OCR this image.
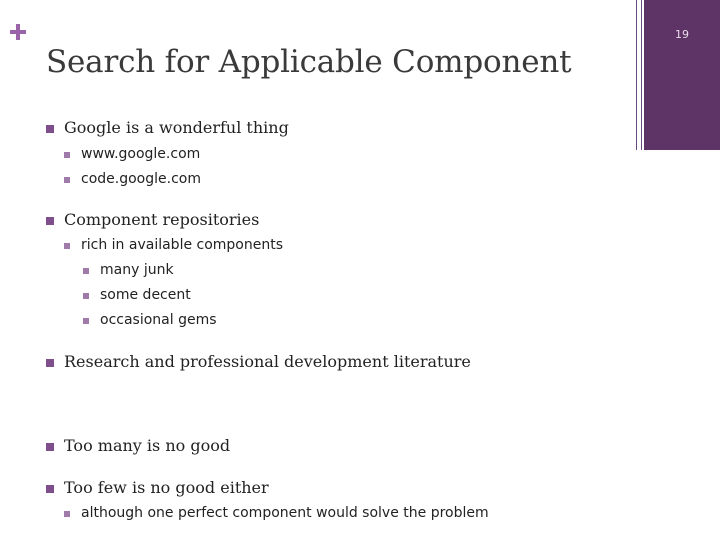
19
Search for Applicable Component
Google is a wonderful thing
www.google.com
code.google.com
Component repositories
rich in available components
many junk
some decent
occasional gems
Research and professional development literature
Too many is no good
Too few is no good either
although one perfect component would solve the problem
